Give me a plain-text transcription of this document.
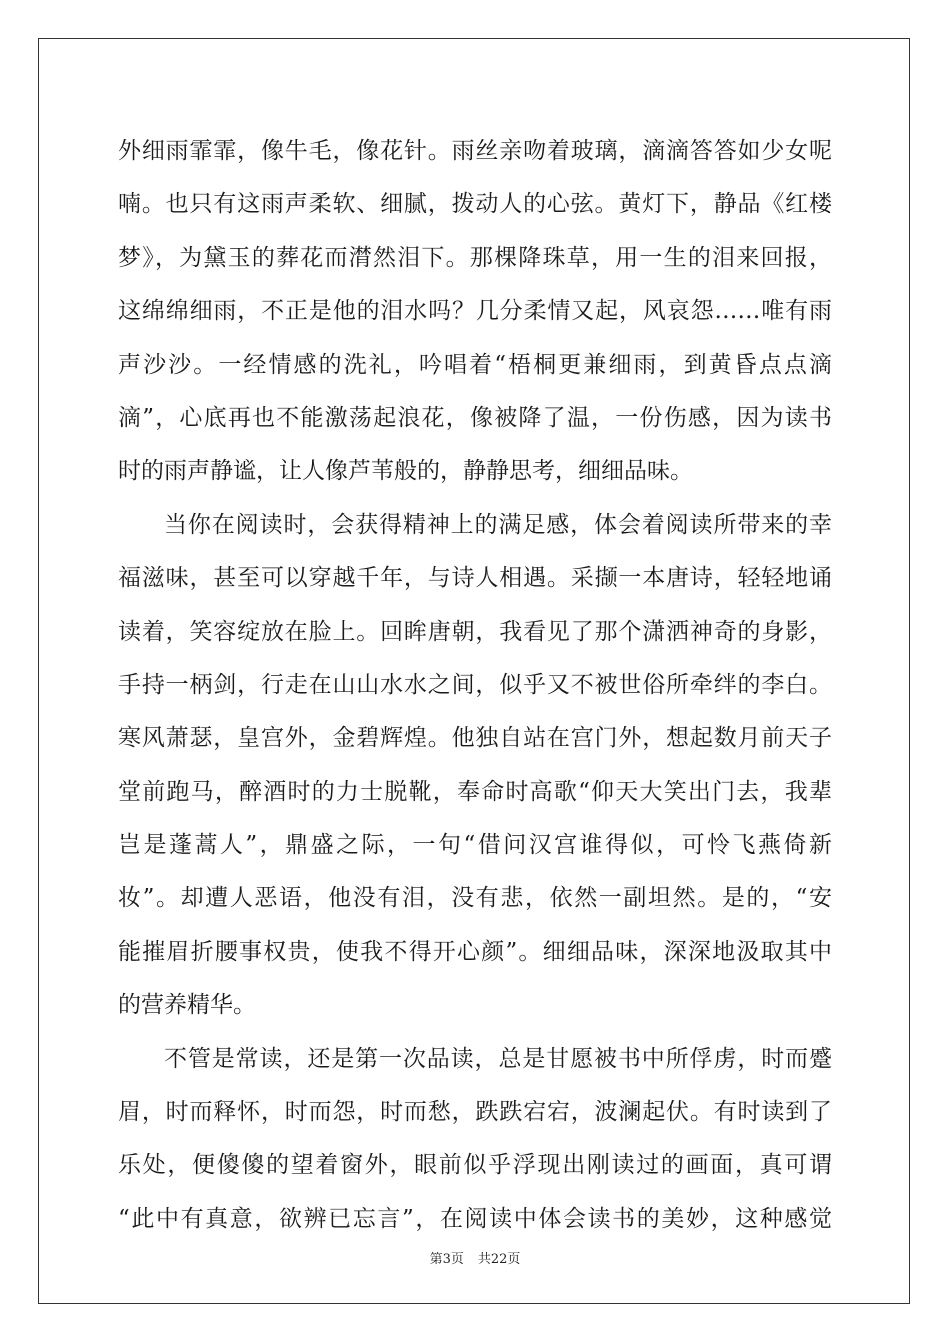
外细雨霏霏，像牛毛，像花针。雨丝亲吻着玻璃，滴滴答答如少女呢
喃。也只有这雨声柔软、细腻，拨动人的心弦。黄灯下，静品《红楼
梦》，为黛玉的葬花而潸然泪下。那棵降珠草，用一生的泪来回报，
这绵绵细雨，不正是他的泪水吗？几分柔情又起，风哀怨……唯有雨
声沙沙。一经情感的洗礼，吟唱着“梧桐更兼细雨，到黄昏点点滴
滴”，心底再也不能激荡起浪花，像被降了温，一份伤感，因为读书
时的雨声静谧，让人像芦苇般的，静静思考，细细品味。
当你在阅读时，会获得精神上的满足感，体会着阅读所带来的幸
福滋味，甚至可以穿越千年，与诗人相遇。采撷一本唐诗，轻轻地诵
读着，笑容绽放在脸上。回眸唐朝，我看见了那个潇洒神奇的身影，
手持一柄剑，行走在山山水水之间，似乎又不被世俗所牵绊的李白。
寒风萧瑟，皇宫外，金碧辉煌。他独自站在宫门外，想起数月前天子
堂前跑马，醉酒时的力士脱靴，奉命时高歌“仰天大笑出门去，我辈
岂是蓬蒿人”，鼎盛之际，一句“借问汉宫谁得似，可怜飞燕倚新
妆”。却遭人恶语，他没有泪，没有悲，依然一副坦然。是的，“安
能摧眉折腰事权贵，使我不得开心颜”。细细品味，深深地汲取其中
的营养精华。
不管是常读，还是第一次品读，总是甘愿被书中所俘虏，时而蹙
眉，时而释怀，时而怨，时而愁，跌跌宕宕，波澜起伏。有时读到了
乐处，便傻傻的望着窗外，眼前似乎浮现出刚读过的画面，真可谓
“此中有真意，欲辨已忘言”，在阅读中体会读书的美妙，这种感觉
第3页 共22页
